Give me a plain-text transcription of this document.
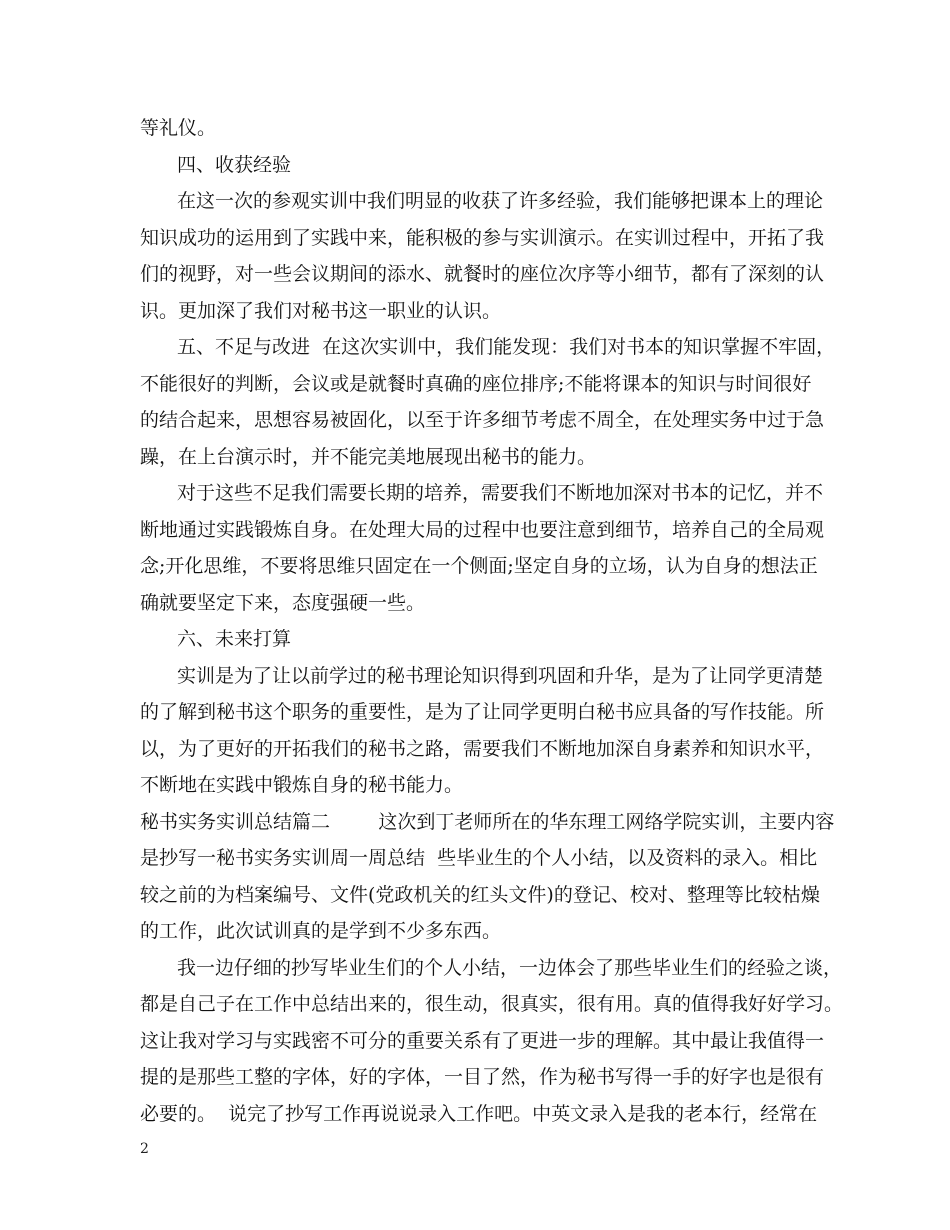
等礼仪。
四、收获经验
在这一次的参观实训中我们明显的收获了许多经验，我们能够把课本上的理论
知识成功的运用到了实践中来，能积极的参与实训演示。在实训过程中，开拓了我
们的视野，对一些会议期间的添水、就餐时的座位次序等小细节，都有了深刻的认
识。更加深了我们对秘书这一职业的认识。
五、不足与改进  在这次实训中，我们能发现：我们对书本的知识掌握不牢固，
不能很好的判断，会议或是就餐时真确的座位排序;不能将课本的知识与时间很好
的结合起来，思想容易被固化，以至于许多细节考虑不周全，在处理实务中过于急
躁，在上台演示时，并不能完美地展现出秘书的能力。
对于这些不足我们需要长期的培养，需要我们不断地加深对书本的记忆，并不
断地通过实践锻炼自身。在处理大局的过程中也要注意到细节，培养自己的全局观
念;开化思维，不要将思维只固定在一个侧面;坚定自身的立场，认为自身的想法正
确就要坚定下来，态度强硬一些。
六、未来打算
实训是为了让以前学过的秘书理论知识得到巩固和升华，是为了让同学更清楚
的了解到秘书这个职务的重要性，是为了让同学更明白秘书应具备的写作技能。所
以，为了更好的开拓我们的秘书之路，需要我们不断地加深自身素养和知识水平，
不断地在实践中锻炼自身的秘书能力。
秘书实务实训总结篇二        这次到丁老师所在的华东理工网络学院实训，主要内容
是抄写一秘书实务实训周一周总结  些毕业生的个人小结，以及资料的录入。相比
较之前的为档案编号、文件(党政机关的红头文件)的登记、校对、整理等比较枯燥
的工作，此次试训真的是学到不少多东西。
我一边仔细的抄写毕业生们的个人小结，一边体会了那些毕业生们的经验之谈，
都是自己子在工作中总结出来的，很生动，很真实，很有用。真的值得我好好学习。
这让我对学习与实践密不可分的重要关系有了更进一步的理解。其中最让我值得一
提的是那些工整的字体，好的字体，一目了然，作为秘书写得一手的好字也是很有
必要的。  说完了抄写工作再说说录入工作吧。中英文录入是我的老本行，经常在
2
